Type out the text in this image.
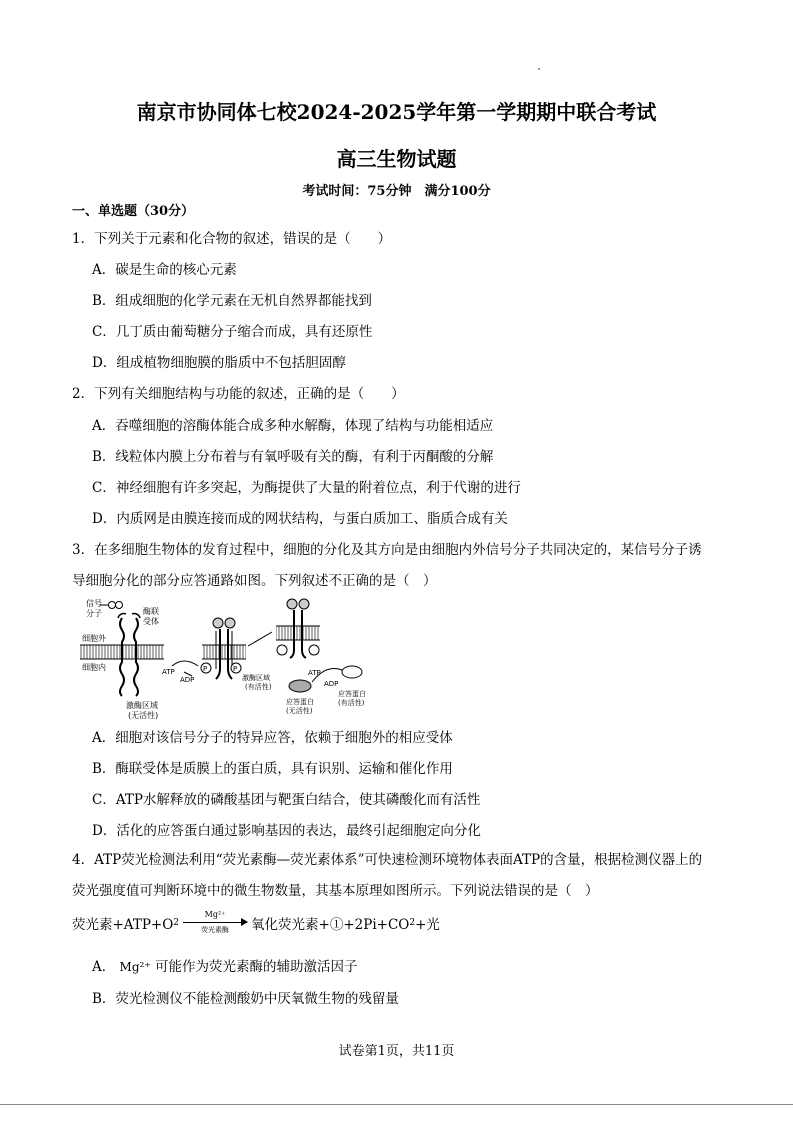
南京市协同体七校2024-2025学年第一学期期中联合考试
高三生物试题
考试时间：75分钟　满分100分
一、单选题（30分）
1．下列关于元素和化合物的叙述，错误的是（　　）
A．碳是生命的核心元素
B．组成细胞的化学元素在无机自然界都能找到
C．几丁质由葡萄糖分子缩合而成，具有还原性
D．组成植物细胞膜的脂质中不包括胆固醇
2．下列有关细胞结构与功能的叙述，正确的是（　　）
A．吞噬细胞的溶酶体能合成多种水解酶，体现了结构与功能相适应
B．线粒体内膜上分布着与有氧呼吸有关的酶，有利于丙酮酸的分解
C．神经细胞有许多突起，为酶提供了大量的附着位点，利于代谢的进行
D．内质网是由膜连接而成的网状结构，与蛋白质加工、脂质合成有关
3．在多细胞生物体的发育过程中，细胞的分化及其方向是由细胞内外信号分子共同决定的，某信号分子诱
导细胞分化的部分应答通路如图。下列叙述不正确的是（　）
信号
分子	酶联
受体
细胞外
细胞内	ATP
ADP
激酶区域
(无活性)
激酶区域
(有活性)
ATP
ADP
应答蛋白
(无活性)
应答蛋白
(有活性)
P	P
A．细胞对该信号分子的特异应答，依赖于细胞外的相应受体
B．酶联受体是质膜上的蛋白质，具有识别、运输和催化作用
C．ATP水解释放的磷酸基团与靶蛋白结合，使其磷酸化而有活性
D．活化的应答蛋白通过影响基因的表达，最终引起细胞定向分化
4．ATP荧光检测法利用“荧光素酶—荧光素体系”可快速检测环境物体表面ATP的含量，根据检测仪器上的
荧光强度值可判断环境中的微生物数量，其基本原理如图所示。下列说法错误的是（　）
荧光素+ATP+O 2
Mg²⁺
荧光素酶	氧化荧光素+①+2Pi+CO 2 +光
A． Mg²⁺ 可能作为荧光素酶的辅助激活因子
B．荧光检测仪不能检测酸奶中厌氧微生物的残留量
试卷第1页，共11页
